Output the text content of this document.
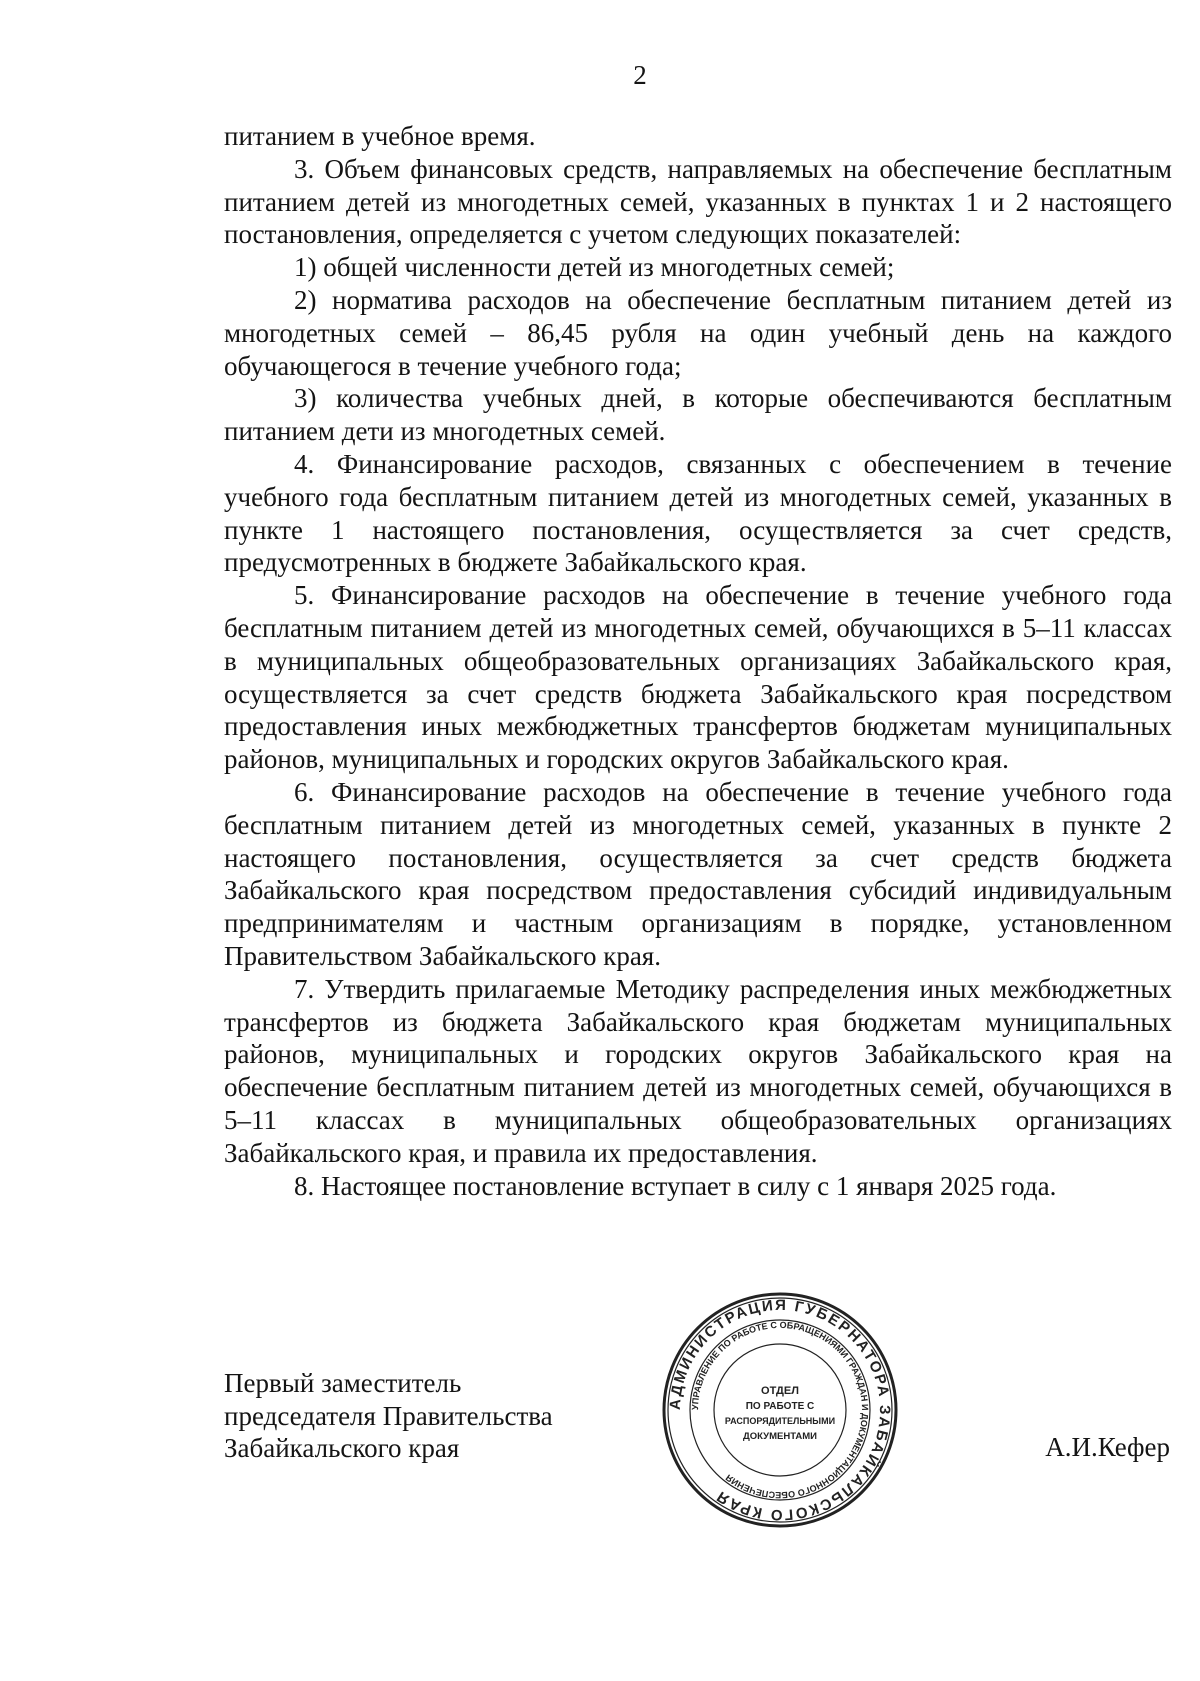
2

питанием в учебное время.

3. Объем финансовых средств, направляемых на обеспечение бесплатным питанием детей из многодетных семей, указанных в пунктах 1 и 2 настоящего постановления, определяется с учетом следующих показателей:

1) общей численности детей из многодетных семей;

2) норматива расходов на обеспечение бесплатным питанием детей из многодетных семей – 86,45 рубля на один учебный день на каждого обучающегося в течение учебного года;

3) количества учебных дней, в которые обеспечиваются бесплатным питанием дети из многодетных семей.

4. Финансирование расходов, связанных с обеспечением в течение учебного года бесплатным питанием детей из многодетных семей, указанных в пункте 1 настоящего постановления, осуществляется за счет средств, предусмотренных в бюджете Забайкальского края.

5. Финансирование расходов на обеспечение в течение учебного года бесплатным питанием детей из многодетных семей, обучающихся в 5–11 классах в муниципальных общеобразовательных организациях Забайкальского края, осуществляется за счет средств бюджета Забайкальского края посредством предоставления иных межбюджетных трансфертов бюджетам муниципальных районов, муниципальных и городских округов Забайкальского края.

6. Финансирование расходов на обеспечение в течение учебного года бесплатным питанием детей из многодетных семей, указанных в пункте 2 настоящего постановления, осуществляется за счет средств бюджета Забайкальского края посредством предоставления субсидий индивидуальным предпринимателям и частным организациям в порядке, установленном Правительством Забайкальского края.

7. Утвердить прилагаемые Методику распределения иных межбюджетных трансфертов из бюджета Забайкальского края бюджетам муниципальных районов, муниципальных и городских округов Забайкальского края на обеспечение бесплатным питанием детей из многодетных семей, обучающихся в 5–11 классах в муниципальных общеобразовательных организациях Забайкальского края, и правила их предоставления.

8. Настоящее постановление вступает в силу с 1 января 2025 года.

Первый заместитель
председателя Правительства
Забайкальского края
АДМИНИСТРАЦИЯ ГУБЕРНАТОРА ЗАБАЙКАЛЬСКОГО КРАЯ
УПРАВЛЕНИЕ ПО РАБОТЕ С ОБРАЩЕНИЯМИ ГРАЖДАН И ДОКУМЕНТАЦИОННОГО ОБЕСПЕЧЕНИЯ
ОТДЕЛ
ПО РАБОТЕ С
РАСПОРЯДИТЕЛЬНЫМИ
ДОКУМЕНТАМИ	А.И.Кефер
